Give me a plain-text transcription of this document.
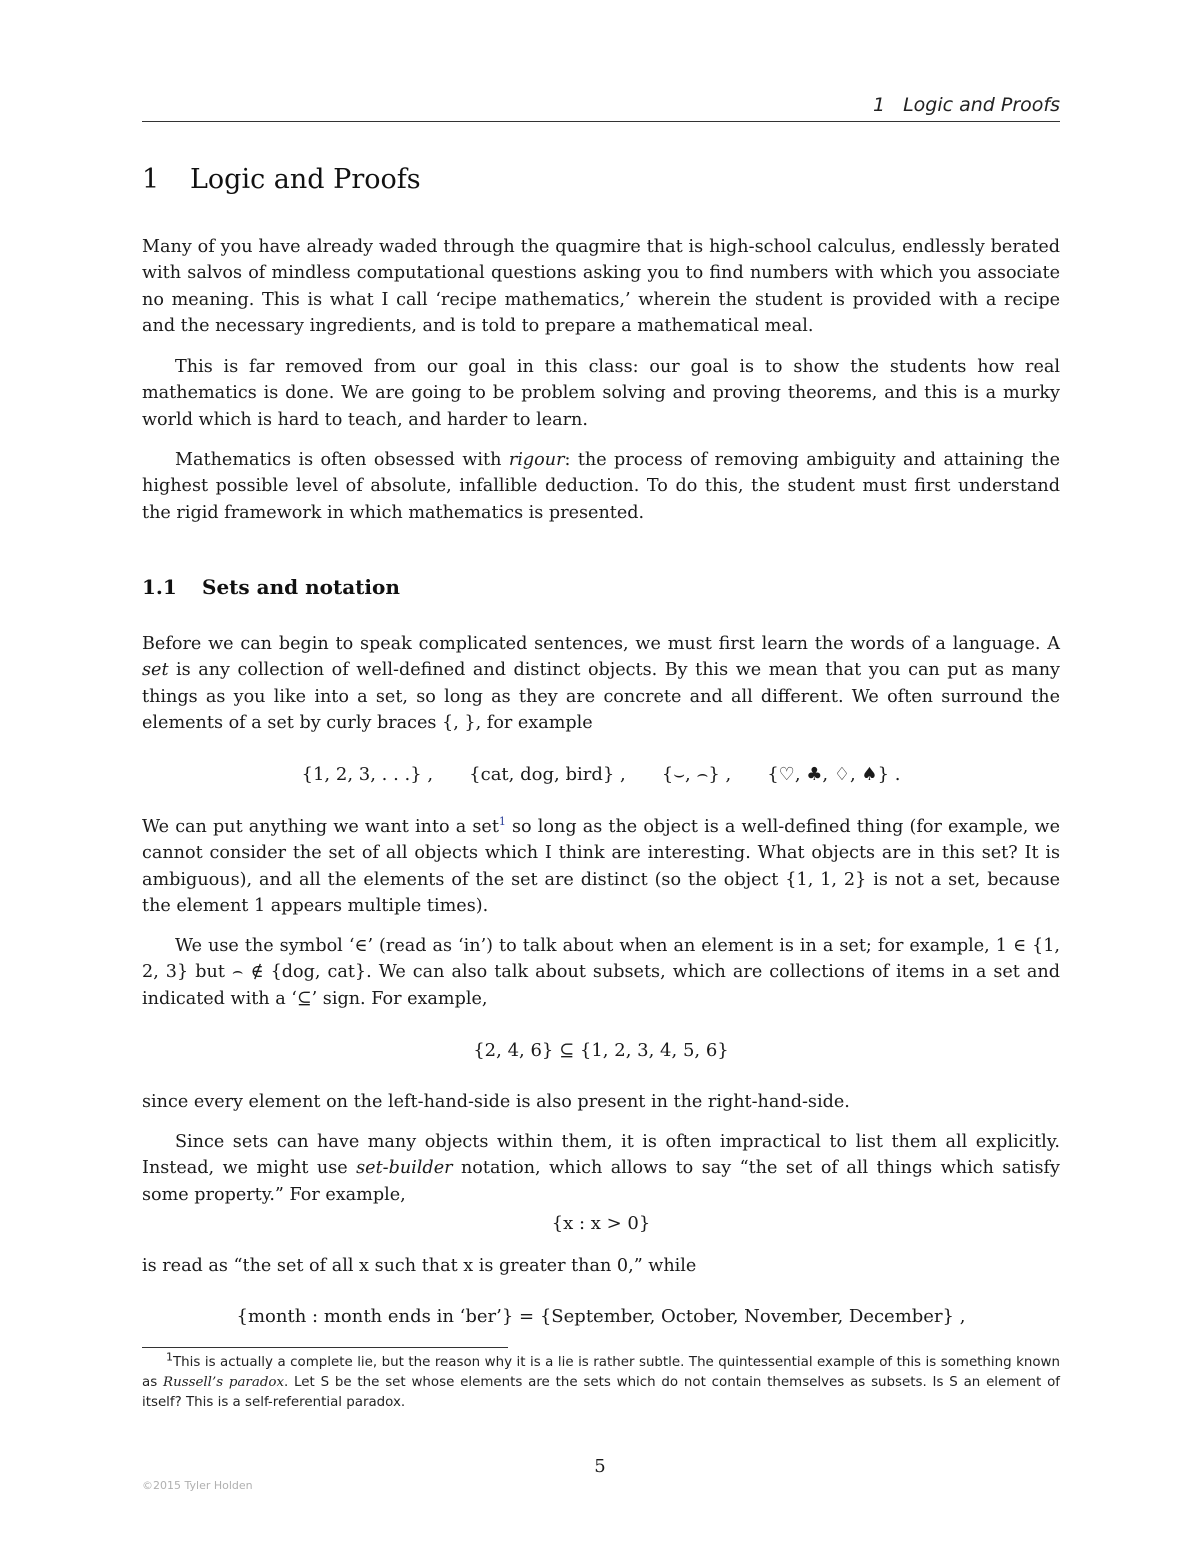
1 Logic and Proofs
1 Logic and Proofs

Many of you have already waded through the quagmire that is high-school calculus, endlessly berated with salvos of mindless computational questions asking you to find numbers with which you associate no meaning. This is what I call ‘recipe mathematics,’ wherein the student is provided with a recipe and the necessary ingredients, and is told to prepare a mathematical meal.

This is far removed from our goal in this class: our goal is to show the students how real mathematics is done. We are going to be problem solving and proving theorems, and this is a murky world which is hard to teach, and harder to learn.

Mathematics is often obsessed with rigour: the process of removing ambiguity and attaining the highest possible level of absolute, infallible deduction. To do this, the student must first understand the rigid framework in which mathematics is presented.

1.1 Sets and notation

Before we can begin to speak complicated sentences, we must first learn the words of a language. A set is any collection of well-defined and distinct objects. By this we mean that you can put as many things as you like into a set, so long as they are concrete and all different. We often surround the elements of a set by curly braces {, }, for example

{1, 2, 3, . . .} , {cat, dog, bird} , {⌣, ⌢} , {♡, ♣, ♢, ♠} .

We can put anything we want into a set$^1$ so long as the object is a well-defined thing (for example, we cannot consider the set of all objects which I think are interesting. What objects are in this set? It is ambiguous), and all the elements of the set are distinct (so the object {1, 1, 2} is not a set, because the element 1 appears multiple times).

We use the symbol ‘∈’ (read as ‘in’) to talk about when an element is in a set; for example, 1 ∈ {1, 2, 3} but ⌢ ∉ {dog, cat}. We can also talk about subsets, which are collections of items in a set and indicated with a ‘⊆’ sign. For example,

{2, 4, 6} ⊆ {1, 2, 3, 4, 5, 6}

since every element on the left-hand-side is also present in the right-hand-side.

Since sets can have many objects within them, it is often impractical to list them all explicitly. Instead, we might use set-builder notation, which allows to say “the set of all things which satisfy some property.” For example,

{x : x > 0}

is read as “the set of all x such that x is greater than 0,” while

{month : month ends in ‘ber’} = {September, October, November, December} ,

$^1$This is actually a complete lie, but the reason why it is a lie is rather subtle. The quintessential example of this is something known as Russell’s paradox. Let S be the set whose elements are the sets which do not contain themselves as subsets. Is S an element of itself? This is a self-referential paradox.

5
©2015 Tyler Holden
